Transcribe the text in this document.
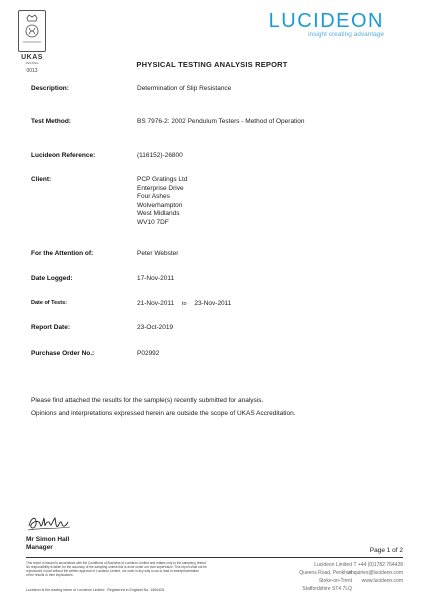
UKAS
TESTING
0013
LUCIDEON
insight creating advantage
PHYSICAL TESTING ANALYSIS REPORT
Description:	Determination of Slip Resistance
Test Method:	BS 7976-2: 2002 Pendulum Testers - Method of Operation
Lucideon Reference:	(116152)-26800
Client:	PCP Gratings Ltd
Enterprise Drive
Four Ashes
Wolverhampton
West Midlands
WV10 7DF
For the Attention of:	Peter Webster
Date Logged:	17-Nov-2011
Date of Tests:	21-Nov-2011 to 23-Nov-2011
Report Date:	23-Oct-2019
Purchase Order No.:	P02992
Please find attached the results for the sample(s) recently submitted for analysis.
Opinions and interpretations expressed herein are outside the scope of UKAS Accreditation.
Mr Simon Hall
Manager	Page 1 of 2
This report is issued in accordance with the Conditions of Business of Lucideon Limited and relates only to the sample(s) tested.
No responsibility is taken for the accuracy of the sampling unless this is done under our own supervision. This report shall not be
reproduced in part without the written approval of Lucideon Limited, nor used in any way so as to lead to misrepresentation
of the results or their implications.
Lucideon is the trading name of Lucideon Limited . Registered in England No. 1960405.
Lucideon Limited
Queens Road, Penkhull
Stoke-on-Trent
Staffordshire ST4 7LQ
T +44 (0)1782 764428
enquiries@lucideon.com
www.lucideon.com
